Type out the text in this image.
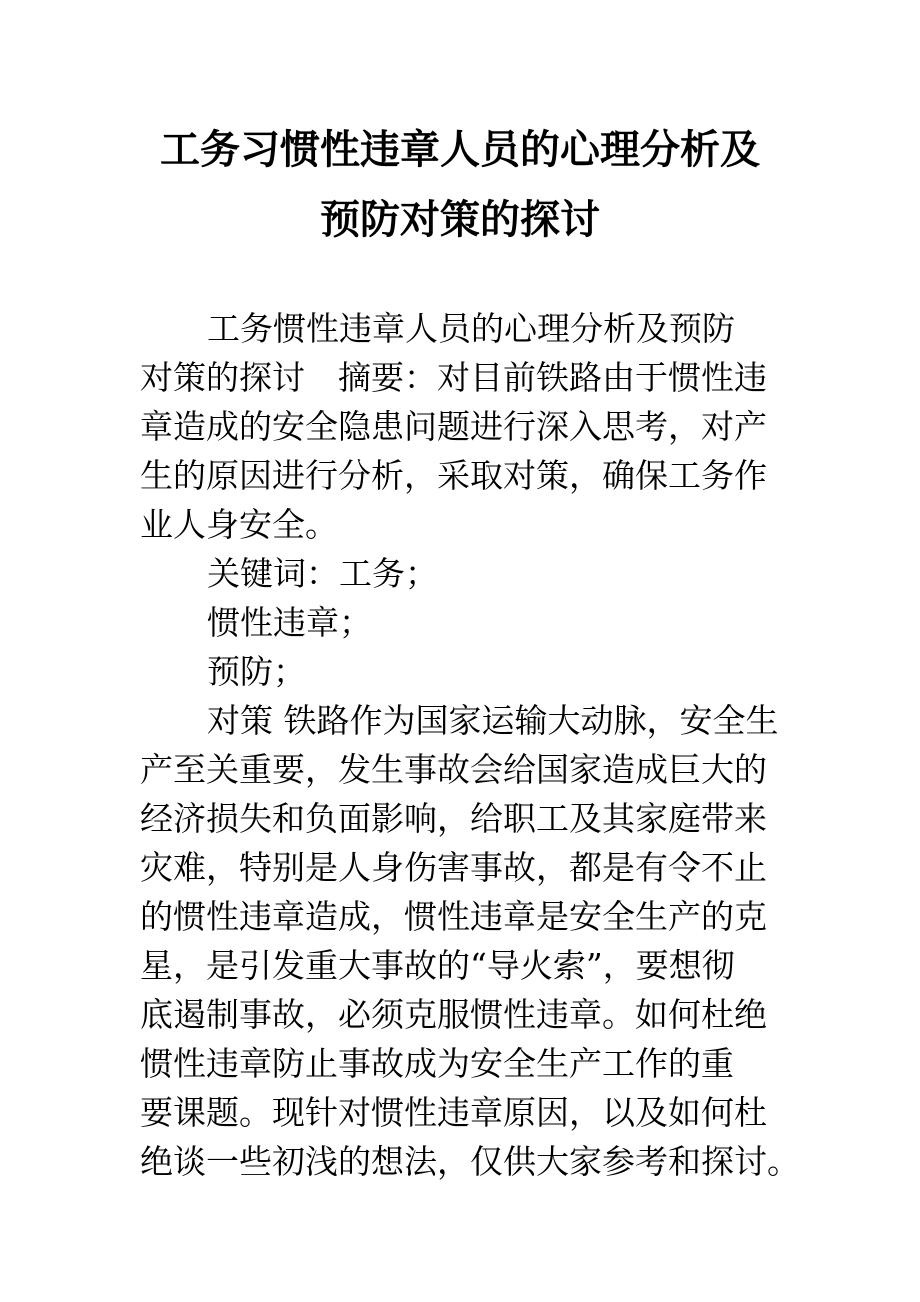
工务习惯性违章人员的心理分析及
预防对策的探讨
工务惯性违章人员的心理分析及预防
对策的探讨　摘要：对目前铁路由于惯性违
章造成的安全隐患问题进行深入思考，对产
生的原因进行分析，采取对策，确保工务作
业人身安全。
关键词：工务；
惯性违章；
预防；
对策 铁路作为国家运输大动脉，安全生
产至关重要，发生事故会给国家造成巨大的
经济损失和负面影响，给职工及其家庭带来
灾难，特别是人身伤害事故，都是有令不止
的惯性违章造成，惯性违章是安全生产的克
星，是引发重大事故的“导火索”，要想彻
底遏制事故，必须克服惯性违章。如何杜绝
惯性违章防止事故成为安全生产工作的重
要课题。现针对惯性违章原因，以及如何杜
绝谈一些初浅的想法，仅供大家参考和探讨。
